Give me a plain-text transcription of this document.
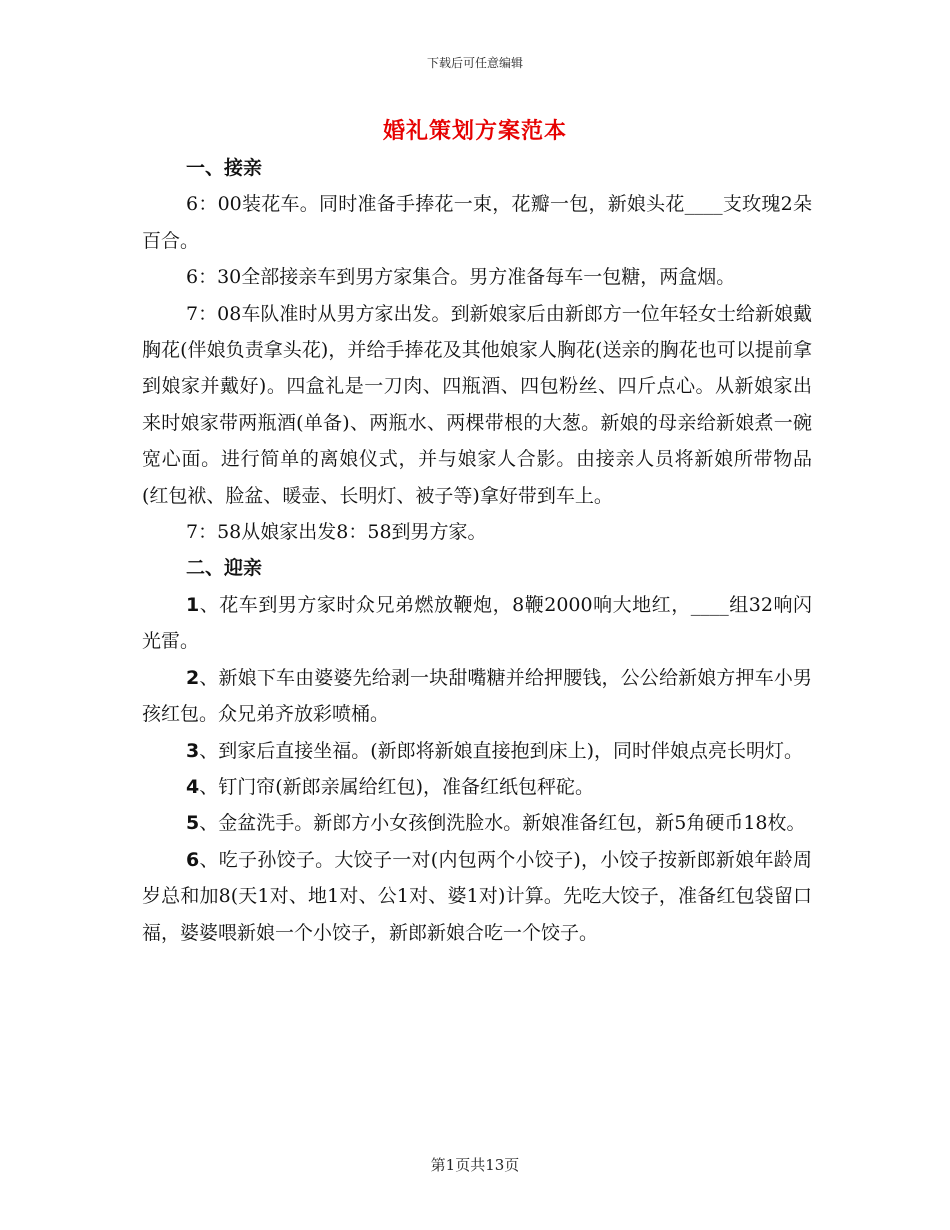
下载后可任意编辑
婚礼策划方案范本

一、接亲

6：00装花车。同时准备手捧花一束，花瓣一包，新娘头花____支玫瑰2朵百合。

6：30全部接亲车到男方家集合。男方准备每车一包糖，两盒烟。

7：08车队准时从男方家出发。到新娘家后由新郎方一位年轻女士给新娘戴胸花(伴娘负责拿头花)，并给手捧花及其他娘家人胸花(送亲的胸花也可以提前拿到娘家并戴好)。四盒礼是一刀肉、四瓶酒、四包粉丝、四斤点心。从新娘家出来时娘家带两瓶酒(单备)、两瓶水、两棵带根的大葱。新娘的母亲给新娘煮一碗宽心面。进行简单的离娘仪式，并与娘家人合影。由接亲人员将新娘所带物品(红包袱、脸盆、暖壶、长明灯、被子等)拿好带到车上。

7：58从娘家出发8：58到男方家。

二、迎亲

1、花车到男方家时众兄弟燃放鞭炮，8鞭2000响大地红，____组32响闪光雷。

2、新娘下车由婆婆先给剥一块甜嘴糖并给押腰钱，公公给新娘方押车小男孩红包。众兄弟齐放彩喷桶。

3、到家后直接坐福。(新郎将新娘直接抱到床上)，同时伴娘点亮长明灯。

4、钉门帘(新郎亲属给红包)，准备红纸包秤砣。

5、金盆洗手。新郎方小女孩倒洗脸水。新娘准备红包，新5角硬币18枚。

6、吃子孙饺子。大饺子一对(内包两个小饺子)，小饺子按新郎新娘年龄周岁总和加8(天1对、地1对、公1对、婆1对)计算。先吃大饺子，准备红包袋留口福，婆婆喂新娘一个小饺子，新郎新娘合吃一个饺子。

第1页共13页
